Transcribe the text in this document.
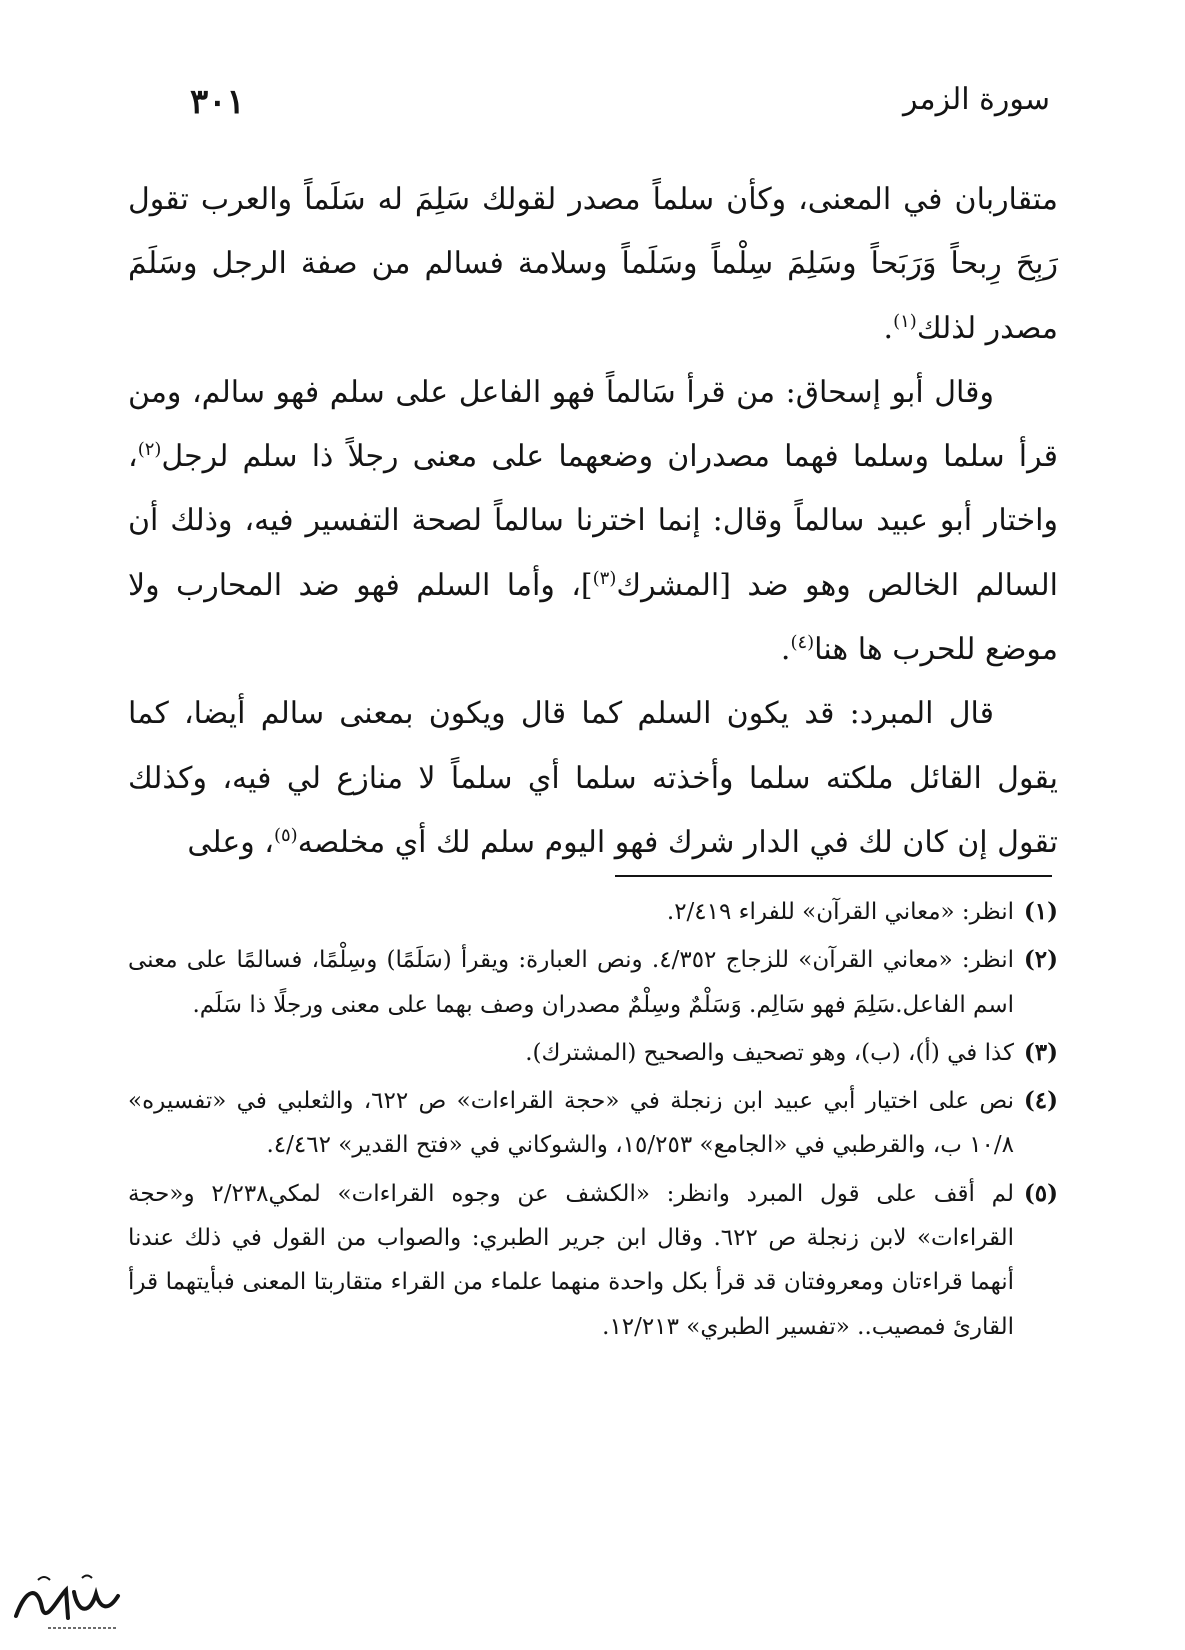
٣٠١	سورة الزمر

متقاربان في المعنى، وكأن سلماً مصدر لقولك سَلِمَ له سَلَماً والعرب تقول رَبِحَ رِبحاً وَرَبَحاً وسَلِمَ سِلْماً وسَلَماً وسلامة فسالم من صفة الرجل وسَلَمَ مصدر لذلك$^{(١)}$.

وقال أبو إسحاق: من قرأ سَالماً فهو الفاعل على سلم فهو سالم، ومن قرأ سلما وسلما فهما مصدران وضعهما على معنى رجلاً ذا سلم لرجل$^{(٢)}$، واختار أبو عبيد سالماً وقال: إنما اخترنا سالماً لصحة التفسير فيه، وذلك أن السالم الخالص وهو ضد [المشرك$^{(٣)}$]، وأما السلم فهو ضد المحارب ولا موضع للحرب ها هنا$^{(٤)}$.

قال المبرد: قد يكون السلم كما قال ويكون بمعنى سالم أيضا، كما يقول القائل ملكته سلما وأخذته سلما أي سلماً لا منازع لي فيه، وكذلك تقول إن كان لك في الدار شرك فهو اليوم سلم لك أي مخلصه$^{(٥)}$، وعلى

(١)
انظر: «معاني القرآن» للفراء ٢/٤١٩.
(٢)
انظر: «معاني القرآن» للزجاج ٤/٣٥٢. ونص العبارة: ويقرأ (سَلَمًا) وسِلْمًا، فسالمًا على معنى اسم الفاعل.سَلِمَ فهو سَالِم. وَسَلْمٌ وسِلْمٌ مصدران وصف بهما على معنى ورجلًا ذا سَلَم.
(٣)
كذا في (أ)، (ب)، وهو تصحيف والصحيح (المشترك).
(٤)
نص على اختيار أبي عبيد ابن زنجلة في «حجة القراءات» ص ٦٢٢، والثعلبي في «تفسيره» ١٠/٨ ب، والقرطبي في «الجامع» ١٥/٢٥٣، والشوكاني في «فتح القدير» ٤/٤٦٢.
(٥)
لم أقف على قول المبرد وانظر: «الكشف عن وجوه القراءات» لمكي٢/٢٣٨ و«حجة القراءات» لابن زنجلة ص ٦٢٢. وقال ابن جرير الطبري: والصواب من القول في ذلك عندنا أنهما قراءتان ومعروفتان قد قرأ بكل واحدة منهما علماء من القراء متقاربتا المعنى فبأيتهما قرأ القارئ فمصيب.. «تفسير الطبري» ١٢/٢١٣.
